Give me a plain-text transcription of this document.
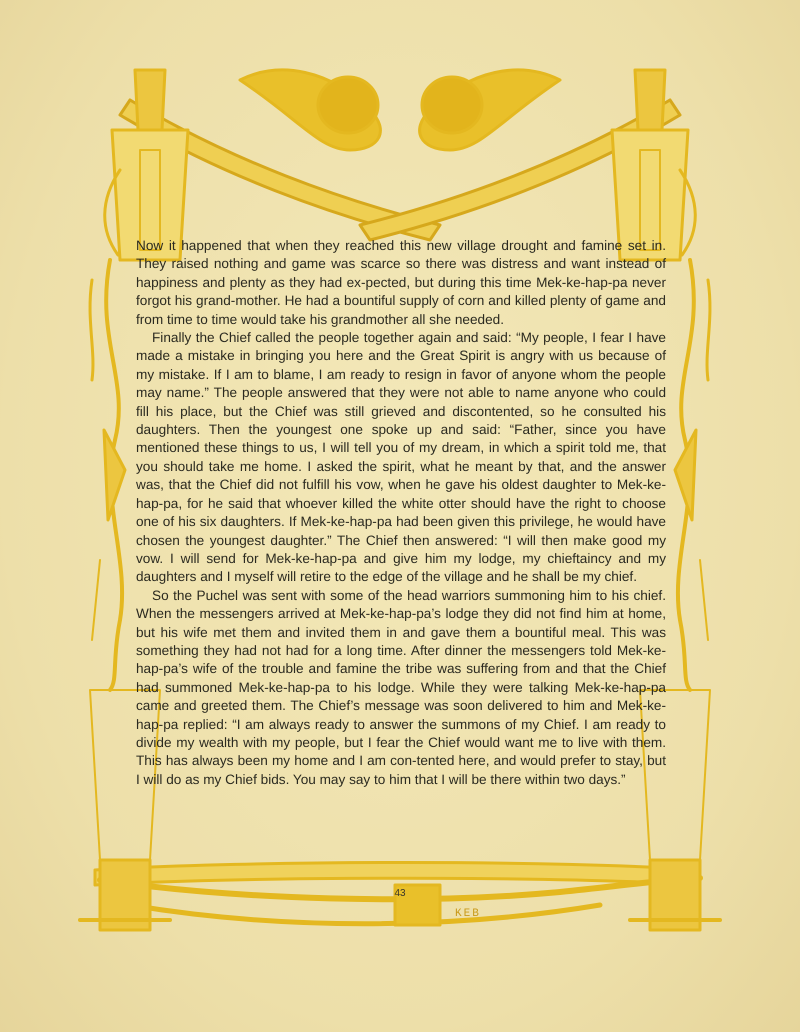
Now it happened that when they reached this new village drought and famine set in. They raised nothing and game was scarce so there was distress and want instead of happiness and plenty as they had ex-pected, but during this time Mek-ke-hap-pa never forgot his grand-mother. He had a bountiful supply of corn and killed plenty of game and from time to time would take his grandmother all she needed.

Finally the Chief called the people together again and said: “My people, I fear I have made a mistake in bringing you here and the Great Spirit is angry with us because of my mistake. If I am to blame, I am ready to resign in favor of anyone whom the people may name.” The people answered that they were not able to name anyone who could fill his place, but the Chief was still grieved and discontented, so he consulted his daughters. Then the youngest one spoke up and said: “Father, since you have mentioned these things to us, I will tell you of my dream, in which a spirit told me, that you should take me home. I asked the spirit, what he meant by that, and the answer was, that the Chief did not fulfill his vow, when he gave his oldest daughter to Mek-ke-hap-pa, for he said that whoever killed the white otter should have the right to choose one of his six daughters. If Mek-ke-hap-pa had been given this privilege, he would have chosen the youngest daughter.” The Chief then answered: “I will then make good my vow. I will send for Mek-ke-hap-pa and give him my lodge, my chieftaincy and my daughters and I myself will retire to the edge of the village and he shall be my chief.

So the Puchel was sent with some of the head warriors summoning him to his chief. When the messengers arrived at Mek-ke-hap-pa’s lodge they did not find him at home, but his wife met them and invited them in and gave them a bountiful meal. This was something they had not had for a long time. After dinner the messengers told Mek-ke-hap-pa’s wife of the trouble and famine the tribe was suffering from and that the Chief had summoned Mek-ke-hap-pa to his lodge. While they were talking Mek-ke-hap-pa came and greeted them. The Chief’s message was soon delivered to him and Mek-ke-hap-pa replied: “I am always ready to answer the summons of my Chief. I am ready to divide my wealth with my people, but I fear the Chief would want me to live with them. This has always been my home and I am con-tented here, and would prefer to stay, but I will do as my Chief bids. You may say to him that I will be there within two days.”

43
KEB
